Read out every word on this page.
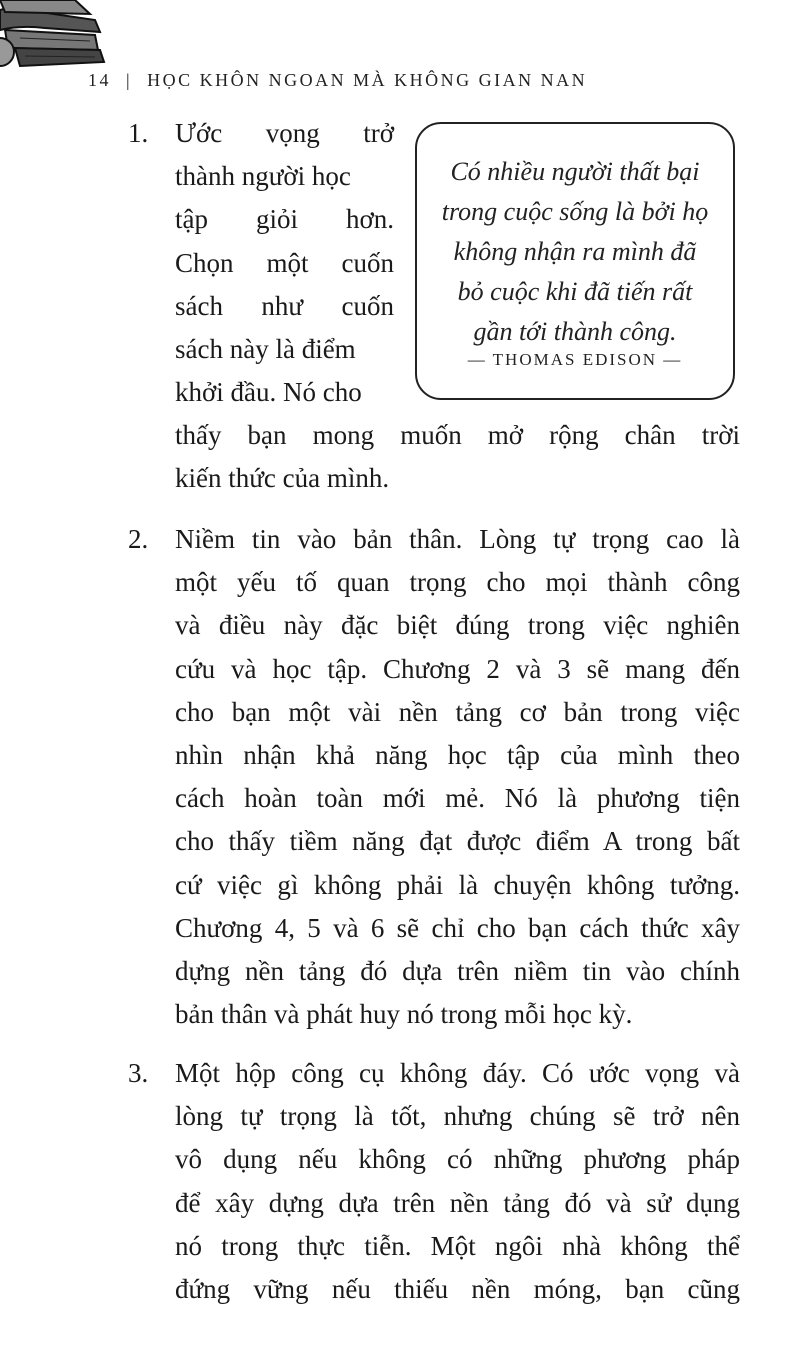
14 | HỌC KHÔN NGOAN MÀ KHÔNG GIAN NAN
Có nhiều người thất bại
trong cuộc sống là bởi họ
không nhận ra mình đã
bỏ cuộc khi đã tiến rất
gần tới thành công.
— THOMAS EDISON —
1. Ước vọng trở
thành người học
tập giỏi hơn.
Chọn một cuốn
sách như cuốn
sách này là điểm
khởi đầu. Nó cho
thấy bạn mong muốn mở rộng chân trời
kiến thức của mình.
2. Niềm tin vào bản thân. Lòng tự trọng cao là
một yếu tố quan trọng cho mọi thành công
và điều này đặc biệt đúng trong việc nghiên
cứu và học tập. Chương 2 và 3 sẽ mang đến
cho bạn một vài nền tảng cơ bản trong việc
nhìn nhận khả năng học tập của mình theo
cách hoàn toàn mới mẻ. Nó là phương tiện
cho thấy tiềm năng đạt được điểm A trong bất
cứ việc gì không phải là chuyện không tưởng.
Chương 4, 5 và 6 sẽ chỉ cho bạn cách thức xây
dựng nền tảng đó dựa trên niềm tin vào chính
bản thân và phát huy nó trong mỗi học kỳ.
3. Một hộp công cụ không đáy. Có ước vọng và
lòng tự trọng là tốt, nhưng chúng sẽ trở nên
vô dụng nếu không có những phương pháp
để xây dựng dựa trên nền tảng đó và sử dụng
nó trong thực tiễn. Một ngôi nhà không thể
đứng vững nếu thiếu nền móng, bạn cũng
